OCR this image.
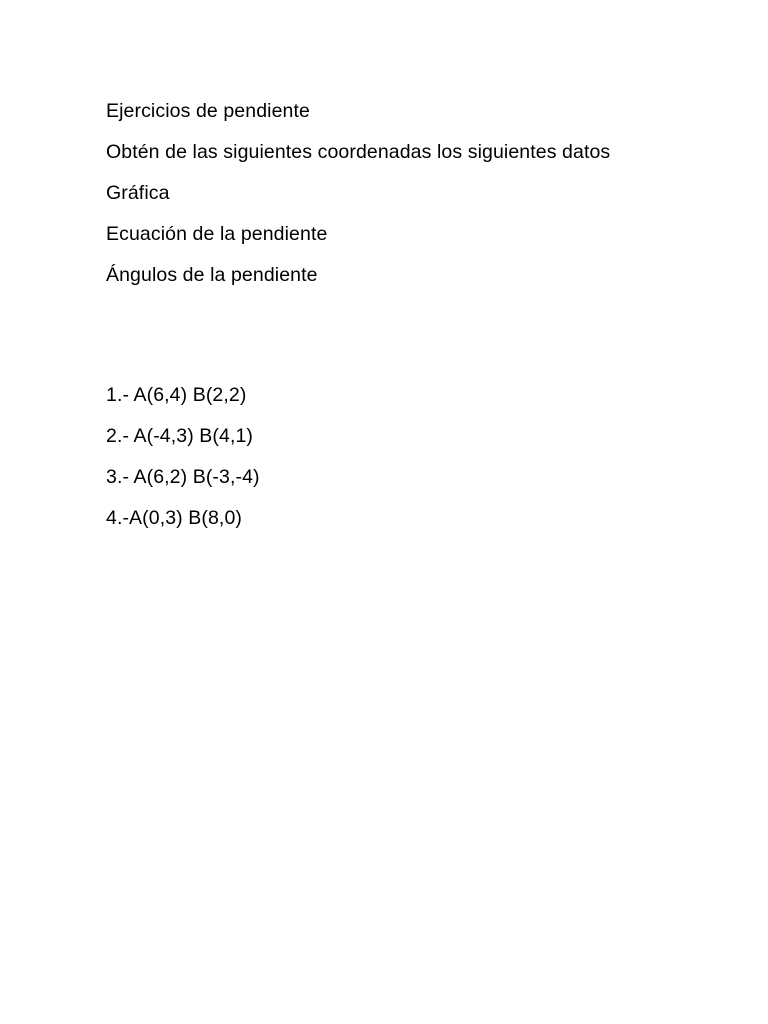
Ejercicios de pendiente
Obtén de las siguientes coordenadas los siguientes datos
Gráfica
Ecuación de la pendiente
Ángulos de la pendiente
1.- A(6,4) B(2,2)
2.- A(-4,3) B(4,1)
3.- A(6,2) B(-3,-4)
4.-A(0,3) B(8,0)
